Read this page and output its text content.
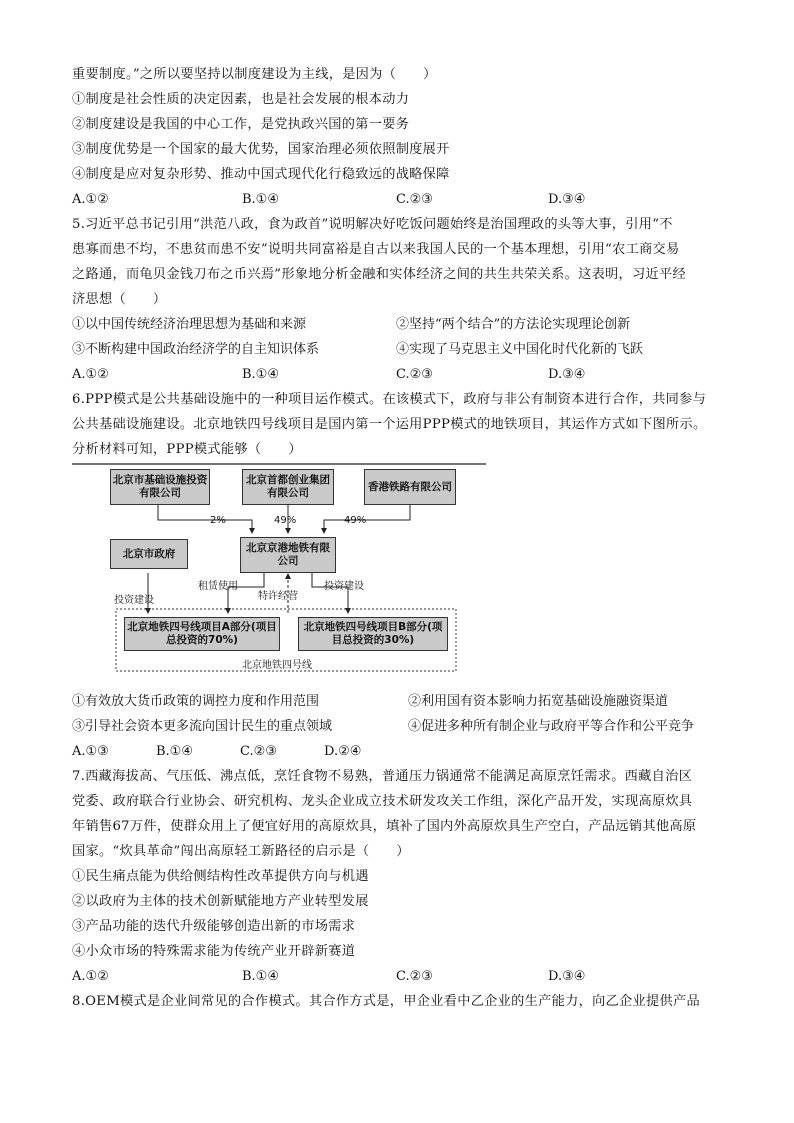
重要制度。”之所以要坚持以制度建设为主线，是因为（　　）
①制度是社会性质的决定因素，也是社会发展的根本动力
②制度建设是我国的中心工作，是党执政兴国的第一要务
③制度优势是一个国家的最大优势，国家治理必须依照制度展开
④制度是应对复杂形势、推动中国式现代化行稳致远的战略保障
A.①②	B.①④	C.②③	D.③④
5.习近平总书记引用“洪范八政，食为政首”说明解决好吃饭问题始终是治国理政的头等大事，引用“不
患寡而患不均，不患贫而患不安”说明共同富裕是自古以来我国人民的一个基本理想，引用“农工商交易
之路通，而龟贝金钱刀布之币兴焉”形象地分析金融和实体经济之间的共生共荣关系。这表明，习近平经
济思想（　　）
①以中国传统经济治理思想为基础和来源	②坚持“两个结合”的方法论实现理论创新
③不断构建中国政治经济学的自主知识体系	④实现了马克思主义中国化时代化新的飞跃
A.①②	B.①④	C.②③	D.③④
6.PPP模式是公共基础设施中的一种项目运作模式。在该模式下，政府与非公有制资本进行合作，共同参与
公共基础设施建设。北京地铁四号线项目是国内第一个运用PPP模式的地铁项目，其运作方式如下图所示。
分析材料可知，PPP模式能够（　　）
北京市基础设施投资有限公司
北京首都创业集团有限公司
香港铁路有限公司
2%	49%	49%
北京市政府	北京京港地铁有限公司
租赁使用
特许经营
投资建设
投资建设
北京地铁四号线项目A部分(项目总投资的70%)
北京地铁四号线项目B部分(项目总投资的30%)
北京地铁四号线
①有效放大货币政策的调控力度和作用范围	②利用国有资本影响力拓宽基础设施融资渠道
③引导社会资本更多流向国计民生的重点领域	④促进多种所有制企业与政府平等合作和公平竞争
A.①③	B.①④	C.②③	D.②④
7.西藏海拔高、气压低、沸点低，烹饪食物不易熟，普通压力锅通常不能满足高原烹饪需求。西藏自治区
党委、政府联合行业协会、研究机构、龙头企业成立技术研发攻关工作组，深化产品开发，实现高原炊具
年销售67万件，使群众用上了便宜好用的高原炊具，填补了国内外高原炊具生产空白，产品远销其他高原
国家。“炊具革命”闯出高原轻工新路径的启示是（　　）
①民生痛点能为供给侧结构性改革提供方向与机遇
②以政府为主体的技术创新赋能地方产业转型发展
③产品功能的迭代升级能够创造出新的市场需求
④小众市场的特殊需求能为传统产业开辟新赛道
A.①②	B.①④	C.②③	D.③④
8.OEM模式是企业间常见的合作模式。其合作方式是，甲企业看中乙企业的生产能力，向乙企业提供产品
